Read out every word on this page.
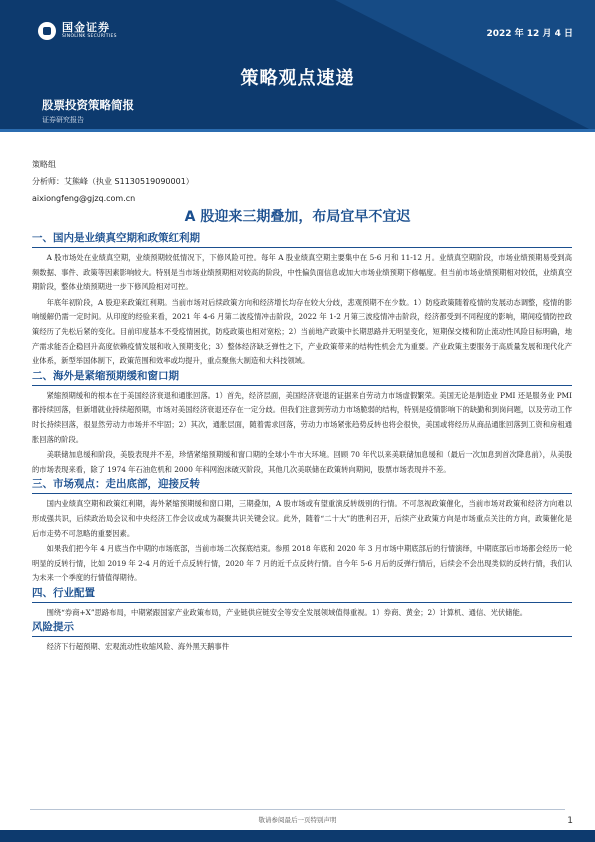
国金证券
SINOLINK SECURITIES	2022 年 12 月 4 日
策略观点速递
股票投资策略简报
证券研究报告
策略组
分析师：艾熊峰（执业 S1130519090001）
aixiongfeng@gjzq.com.cn
A 股迎来三期叠加，布局宜早不宜迟
一、国内是业绩真空期和政策红利期

A 股市场处在业绩真空期，业绩预期较低情况下，下修风险可控。每年 A 股业绩真空期主要集中在 5-6 月和 11-12 月。业绩真空期阶段，市场业绩预期易受到高频数据、事件、政策等因素影响较大。特别是当市场业绩预期相对较高的阶段，中性偏负面信息或加大市场业绩预期下修幅度。但当前市场业绩预期相对较低，业绩真空期阶段，整体业绩预期进一步下修风险相对可控。

年底年初阶段，A 股迎来政策红利期。当前市场对后续政策方向和经济增长均存在较大分歧，悲观预期不在少数。1）防疫政策随着疫情的发展动态调整，疫情的影响缓解仍需一定时间。从印度的经验来看，2021 年 4-6 月第二波疫情冲击阶段，2022 年 1-2 月第三波疫情冲击阶段，经济都受到不同程度的影响，期间疫情防控政策经历了先松后紧的变化。目前印度基本不受疫情困扰，防疫政策也相对宽松；2）当前地产政策中长期思路并无明显变化，短期保交楼和防止流动性风险目标明确，地产需求能否企稳回升高度依赖疫情发展和收入预期变化；3）整体经济缺乏弹性之下，产业政策带来的结构性机会尤为重要。产业政策主要服务于高质量发展和现代化产业体系，新型举国体制下，政策范围和效率或均提升，重点聚焦大制造和大科技领域。

二、海外是紧缩预期缓和窗口期

紧缩预期缓和的根本在于美国经济衰退和通胀回落。1）首先，经济层面，美国经济衰退的证据来自劳动力市场虚假繁荣。美国无论是制造业 PMI 还是服务业 PMI 都持续回落，但新增就业持续超预期，市场对美国经济衰退还存在一定分歧。但我们注意到劳动力市场脆弱的结构，特别是疫情影响下的缺勤和到岗问题，以及劳动工作时长持续回落，很显然劳动力市场并不牢固；2）其次，通胀层面，随着需求回落，劳动力市场紧张趋势反转也将会很快，美国或将经历从商品通胀回落到工资和房租通胀回落的阶段。

美联储加息缓和阶段，美股表现并不差，珍惜紧缩预期缓和窗口期的全球小牛市大环境。回顾 70 年代以来美联储加息缓和（最后一次加息到首次降息前），从美股的市场表现来看，除了 1974 年石油危机和 2000 年科网泡沫破灭阶段，其他几次美联储在政策转向期间，股票市场表现并不差。

三、市场观点：走出底部，迎接反转

国内业绩真空期和政策红利期，海外紧缩预期缓和窗口期，三期叠加，A 股市场或有望重演反转级别的行情。不可忽视政策催化，当前市场对政策和经济方向难以形成强共识，后续政治局会议和中央经济工作会议或成为凝聚共识关键会议。此外，随着“二十大”的胜利召开，后续产业政策方向是市场重点关注的方向，政策催化是后市走势不可忽略的重要因素。

如果我们把今年 4 月底当作中期的市场底部，当前市场二次探底结束。参照 2018 年底和 2020 年 3 月市场中期底部后的行情演绎，中期底部后市场都会经历一轮明显的反转行情，比如 2019 年 2-4 月的近千点反转行情，2020 年 7 月的近千点反转行情。自今年 5-6 月后的反弹行情后，后续会不会出现类似的反转行情，我们认为未来一个季度的行情值得期待。

四、行业配置

围绕“券商+X”思路布局，中期紧跟国家产业政策布局，产业链供应链安全等安全发展领域值得重视。1）券商、黄金；2）计算机、通信、光伏储能。

风险提示

经济下行超预期、宏观流动性收缩风险、海外黑天鹅事件

敬请参阅最后一页特别声明	1
